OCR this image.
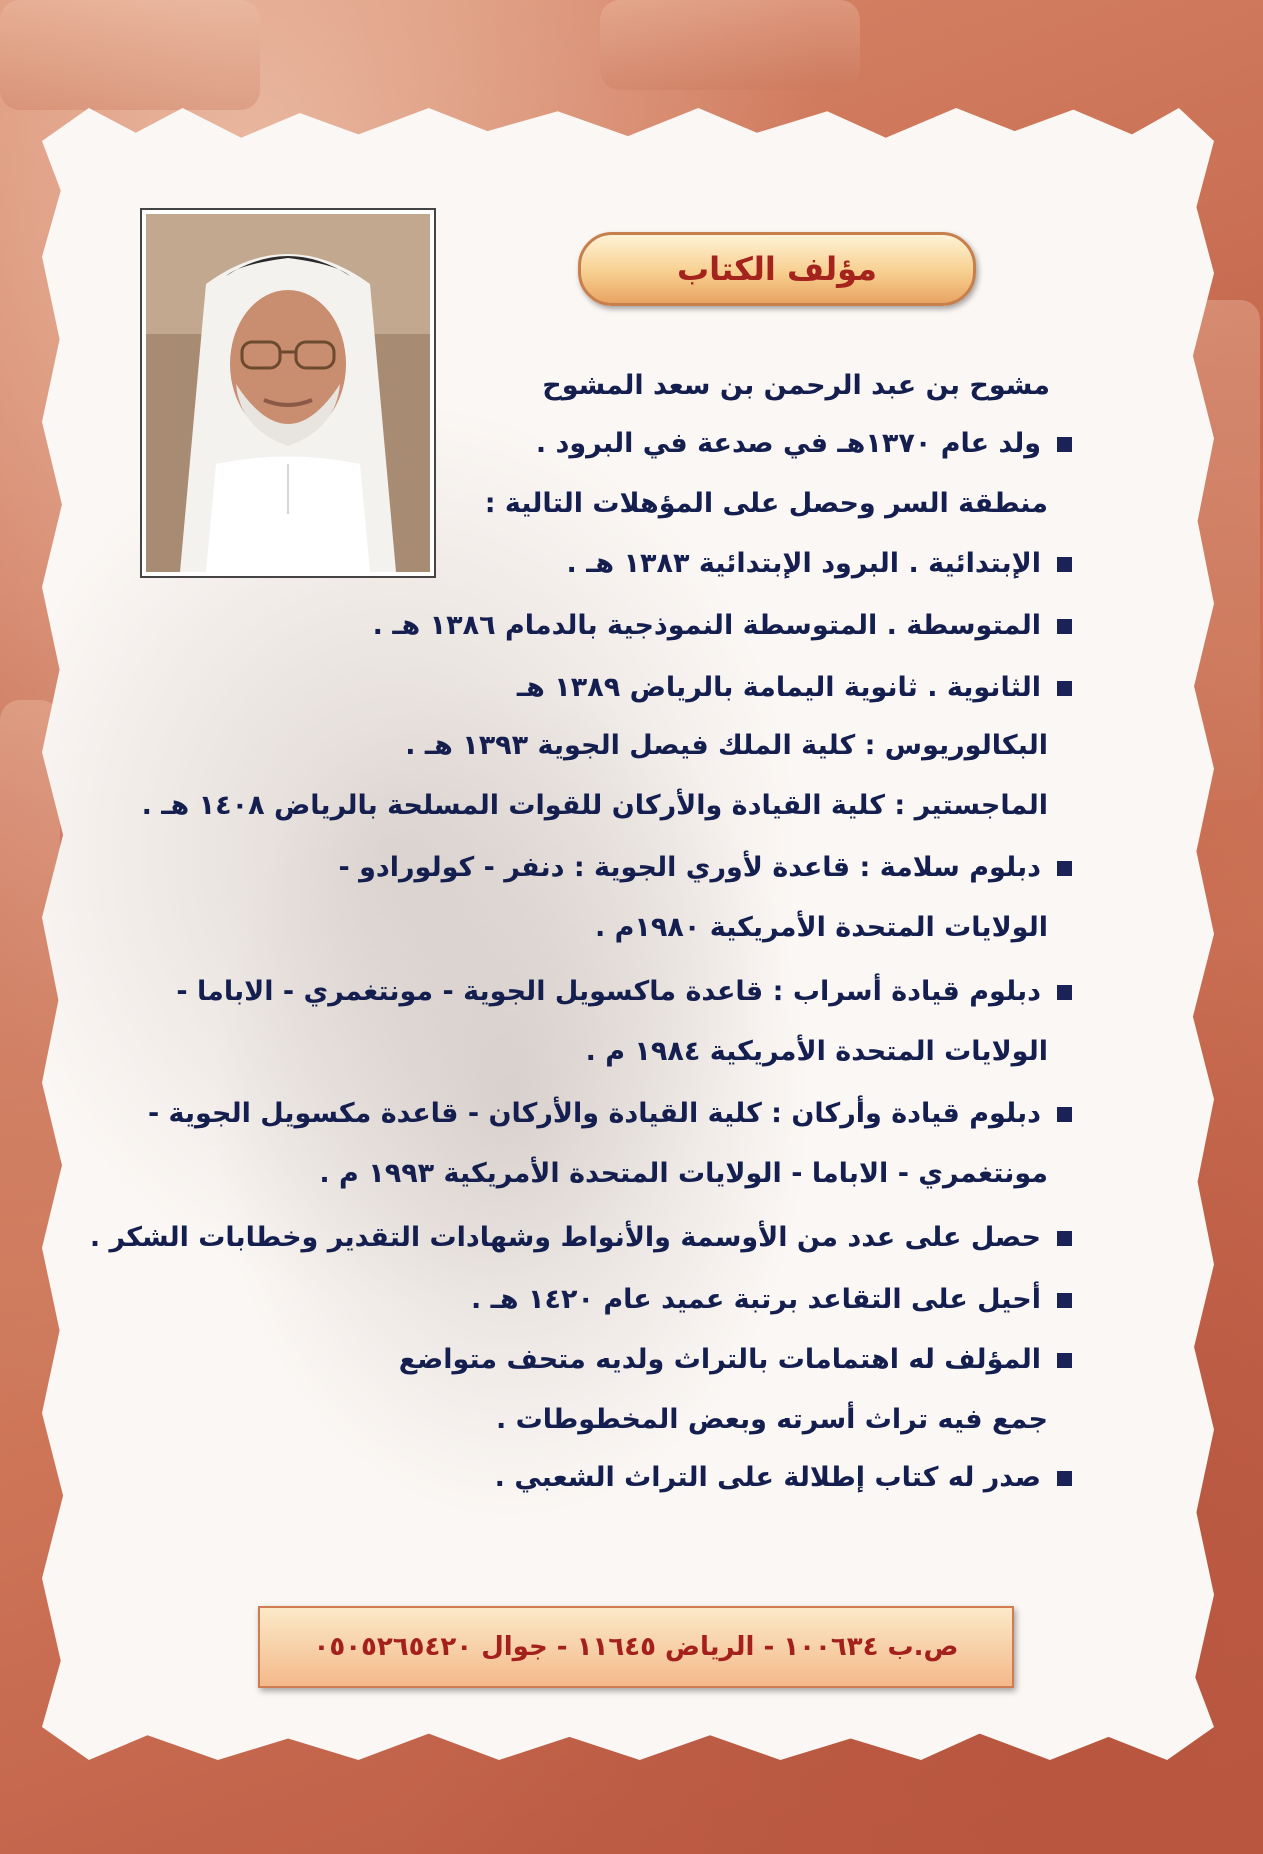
مؤلف الكتاب
مشوح بن عبد الرحمن بن سعد المشوح
ولد عام ١٣٧٠هـ في صدعة في البرود .
منطقة السر وحصل على المؤهلات التالية :
الإبتدائية . البرود الإبتدائية ١٣٨٣ هـ .
المتوسطة . المتوسطة النموذجية بالدمام ١٣٨٦ هـ .
الثانوية . ثانوية اليمامة بالرياض ١٣٨٩ هـ
البكالوريوس : كلية الملك فيصل الجوية ١٣٩٣ هـ .
الماجستير : كلية القيادة والأركان للقوات المسلحة بالرياض ١٤٠٨ هـ .
دبلوم سلامة : قاعدة لأوري الجوية : دنفر - كولورادو -
الولايات المتحدة الأمريكية ١٩٨٠م .
دبلوم قيادة أسراب : قاعدة ماكسويل الجوية - مونتغمري - الاباما -
الولايات المتحدة الأمريكية ١٩٨٤ م .
دبلوم قيادة وأركان : كلية القيادة والأركان - قاعدة مكسويل الجوية -
مونتغمري - الاباما - الولايات المتحدة الأمريكية ١٩٩٣ م .
حصل على عدد من الأوسمة والأنواط وشهادات التقدير وخطابات الشكر .
أحيل على التقاعد برتبة عميد عام ١٤٢٠ هـ .
المؤلف له اهتمامات بالتراث ولديه متحف متواضع
جمع فيه تراث أسرته وبعض المخطوطات .
صدر له كتاب إطلالة على التراث الشعبي .
ص.ب ١٠٠٦٣٤ - الرياض ١١٦٤٥ - جوال ٠٥٠٥٢٦٥٤٢٠
